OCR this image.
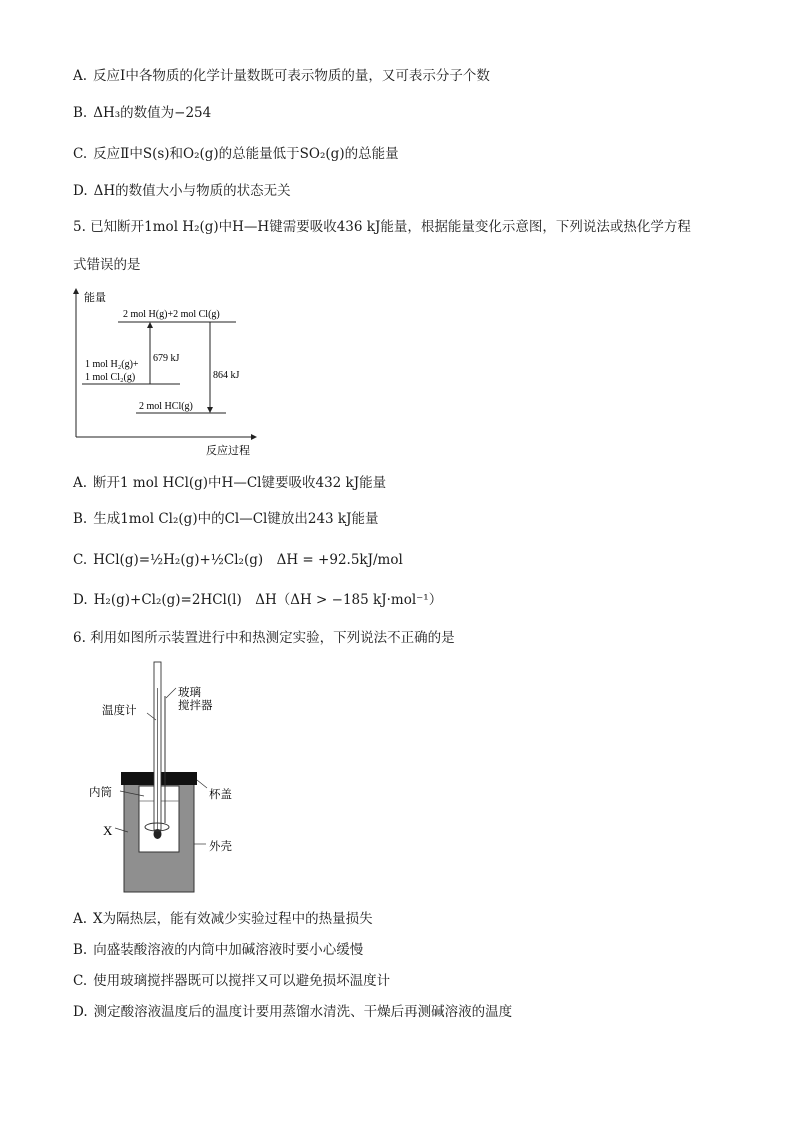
A. 反应Ⅰ中各物质的化学计量数既可表示物质的量，又可表示分子个数
B. ΔH₃的数值为−254
C. 反应Ⅱ中S(s)和O₂(g)的总能量低于SO₂(g)的总能量
D. ΔH的数值大小与物质的状态无关
5. 已知断开1mol H₂(g)中H—H键需要吸收436 kJ能量，根据能量变化示意图，下列说法或热化学方程
式错误的是
能量
反应过程
2 mol H(g)+2 mol Cl(g)
1 mol H₂(g)+
1 mol Cl₂(g)
2 mol HCl(g)
679 kJ
864 kJ
A. 断开1 mol HCl(g)中H—Cl键要吸收432 kJ能量
B. 生成1mol Cl₂(g)中的Cl—Cl键放出243 kJ能量
C. HCl(g)=½H₂(g)+½Cl₂(g)　ΔH = +92.5kJ/mol
D. H₂(g)+Cl₂(g)=2HCl(l)　ΔH（ΔH > −185 kJ·mol⁻¹）
6. 利用如图所示装置进行中和热测定实验，下列说法不正确的是
温度计
玻璃
搅拌器
内筒	杯盖
X
外壳
A. X为隔热层，能有效减少实验过程中的热量损失
B. 向盛装酸溶液的内筒中加碱溶液时要小心缓慢
C. 使用玻璃搅拌器既可以搅拌又可以避免损坏温度计
D. 测定酸溶液温度后的温度计要用蒸馏水清洗、干燥后再测碱溶液的温度
